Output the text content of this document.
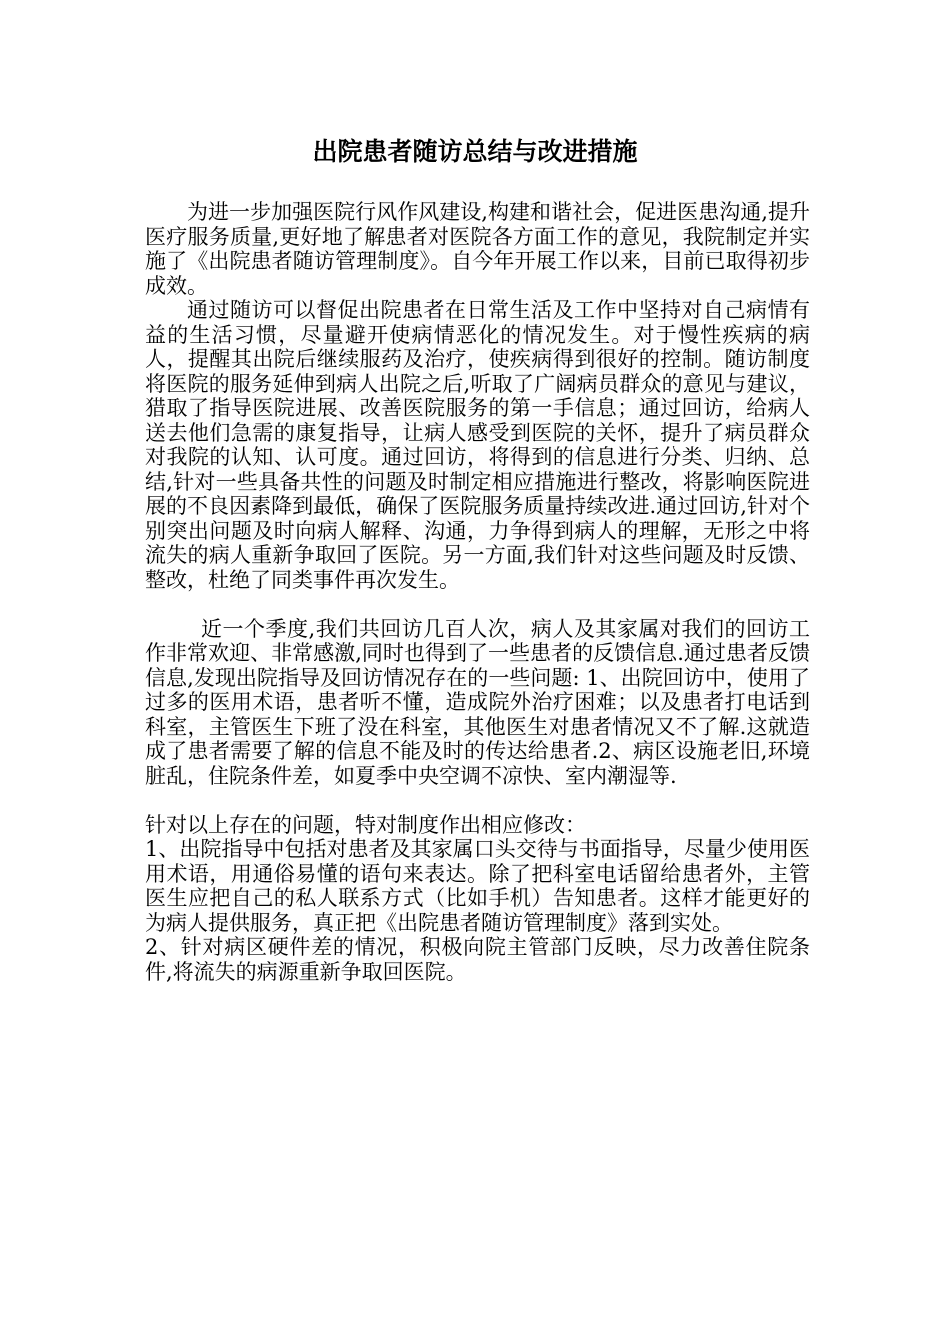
出院患者随访总结与改进措施

为进一步加强医院行风作风建设,构建和谐社会，促进医患沟通,提升医疗服务质量,更好地了解患者对医院各方面工作的意见，我院制定并实施了《出院患者随访管理制度》。自今年开展工作以来，目前已取得初步成效。

通过随访可以督促出院患者在日常生活及工作中坚持对自己病情有益的生活习惯，尽量避开使病情恶化的情况发生。对于慢性疾病的病人，提醒其出院后继续服药及治疗，使疾病得到很好的控制。随访制度将医院的服务延伸到病人出院之后,听取了广阔病员群众的意见与建议，猎取了指导医院进展、改善医院服务的第一手信息；通过回访，给病人送去他们急需的康复指导，让病人感受到医院的关怀，提升了病员群众对我院的认知、认可度。通过回访，将得到的信息进行分类、归纳、总结,针对一些具备共性的问题及时制定相应措施进行整改，将影响医院进展的不良因素降到最低，确保了医院服务质量持续改进.通过回访,针对个别突出问题及时向病人解释、沟通，力争得到病人的理解，无形之中将流失的病人重新争取回了医院。另一方面,我们针对这些问题及时反馈、整改，杜绝了同类事件再次发生。

近一个季度,我们共回访几百人次，病人及其家属对我们的回访工作非常欢迎、非常感激,同时也得到了一些患者的反馈信息.通过患者反馈信息,发现出院指导及回访情况存在的一些问题: 1、出院回访中，使用了过多的医用术语，患者听不懂，造成院外治疗困难；以及患者打电话到科室，主管医生下班了没在科室，其他医生对患者情况又不了解.这就造成了患者需要了解的信息不能及时的传达给患者.2、病区设施老旧,环境脏乱，住院条件差，如夏季中央空调不凉快、室内潮湿等.

针对以上存在的问题，特对制度作出相应修改：

1、出院指导中包括对患者及其家属口头交待与书面指导，尽量少使用医用术语，用通俗易懂的语句来表达。除了把科室电话留给患者外，主管医生应把自己的私人联系方式（比如手机）告知患者。这样才能更好的为病人提供服务，真正把《出院患者随访管理制度》落到实处。

2、针对病区硬件差的情况，积极向院主管部门反映，尽力改善住院条件,将流失的病源重新争取回医院。
